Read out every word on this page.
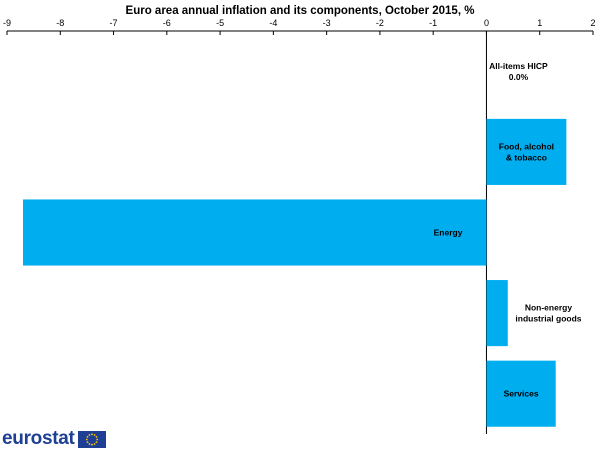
Euro area annual inflation and its components, October 2015, %
-9	-8	-7	-6	-5	-4	-3	-2	-1	0	1	2
All-items HICP
0.0%
Food, alcohol
& tobacco
Energy
Non-energy
industrial goods
Services
eurostat
